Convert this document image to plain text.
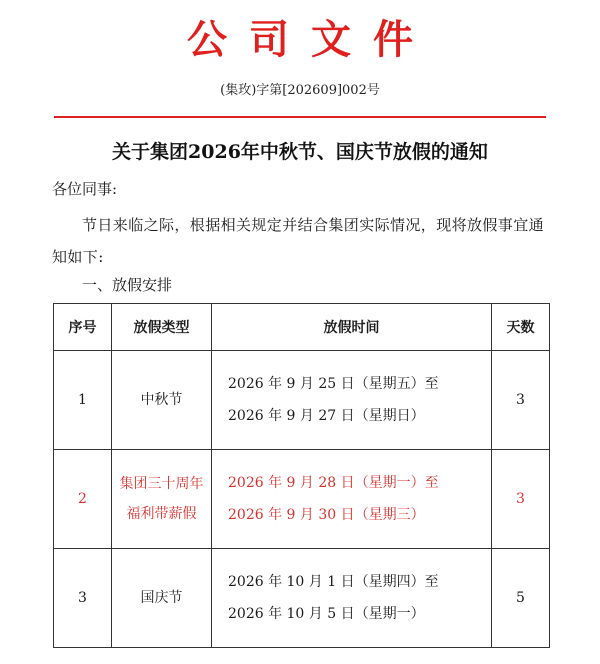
公司文件
(集玫)字第[202609]002号
关于集团2026年中秋节、国庆节放假的通知
各位同事:
节日来临之际，根据相关规定并结合集团实际情况，现将放假事宜通知如下:
一、放假安排
序号	放假类型	放假时间	天数
1	中秋节	2026 年 9 月 25 日（星期五）至
2026 年 9 月 27 日（星期日）	3
2	集团三十周年
福利带薪假	2026 年 9 月 28 日（星期一）至
2026 年 9 月 30 日（星期三）	3
3	国庆节	2026 年 10 月 1 日（星期四）至
2026 年 10 月 5 日（星期一）	5
